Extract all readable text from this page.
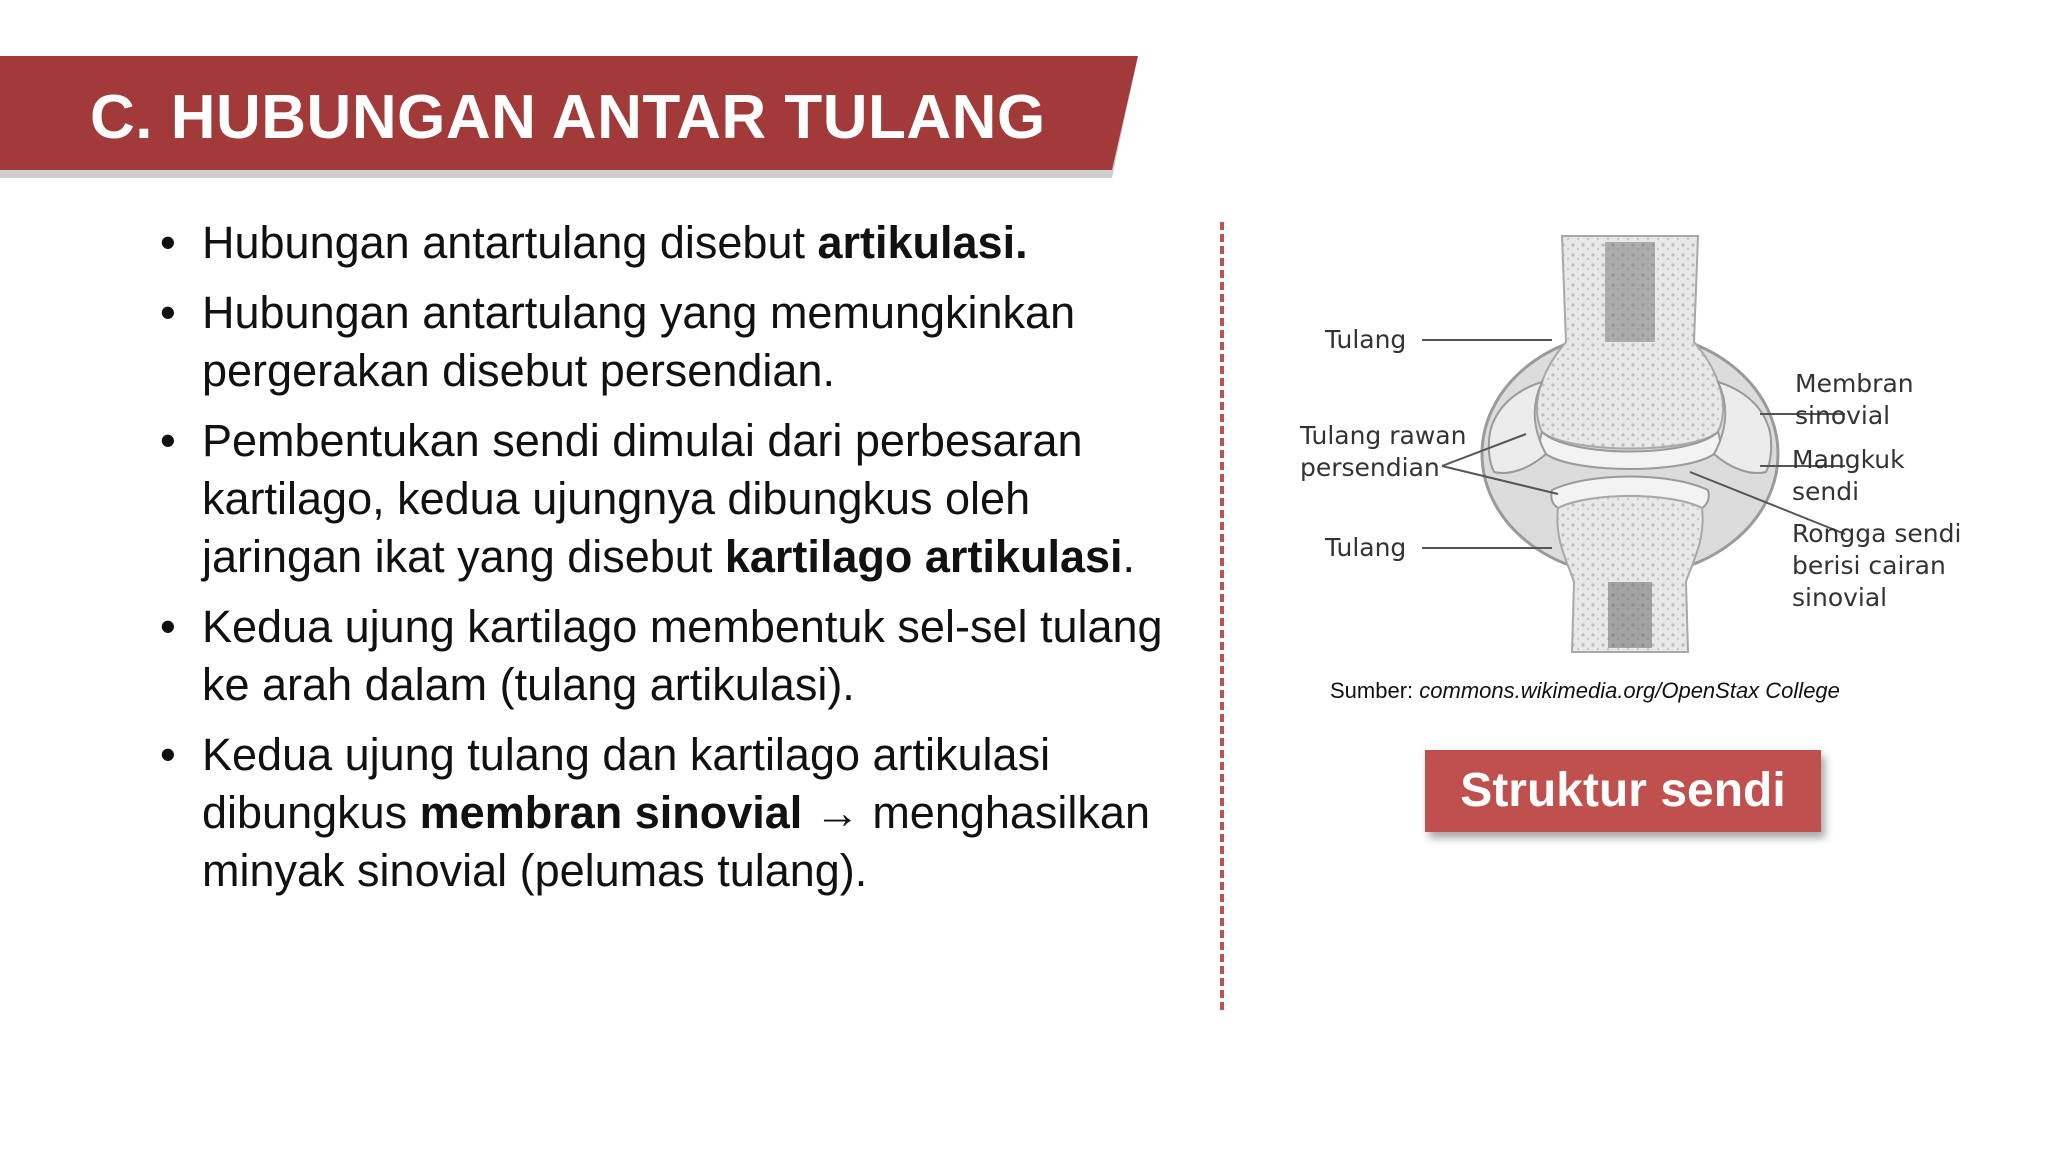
C. HUBUNGAN ANTAR TULANG
• Hubungan antartulang disebut artikulasi.
• Hubungan antartulang yang memungkinkan pergerakan disebut persendian.
• Pembentukan sendi dimulai dari perbesaran kartilago, kedua ujungnya dibungkus oleh jaringan ikat yang disebut kartilago artikulasi.
• Kedua ujung kartilago membentuk sel-sel tulang ke arah dalam (tulang artikulasi).
• Kedua ujung tulang dan kartilago artikulasi dibungkus membran sinovial → menghasilkan minyak sinovial (pelumas tulang).
Tulang
Tulang rawan
persendian
Tulang
Membran
sinovial
Mangkuk
sendi
Rongga sendi
berisi cairan
sinovial
Sumber: commons.wikimedia.org/OpenStax College
Struktur sendi
